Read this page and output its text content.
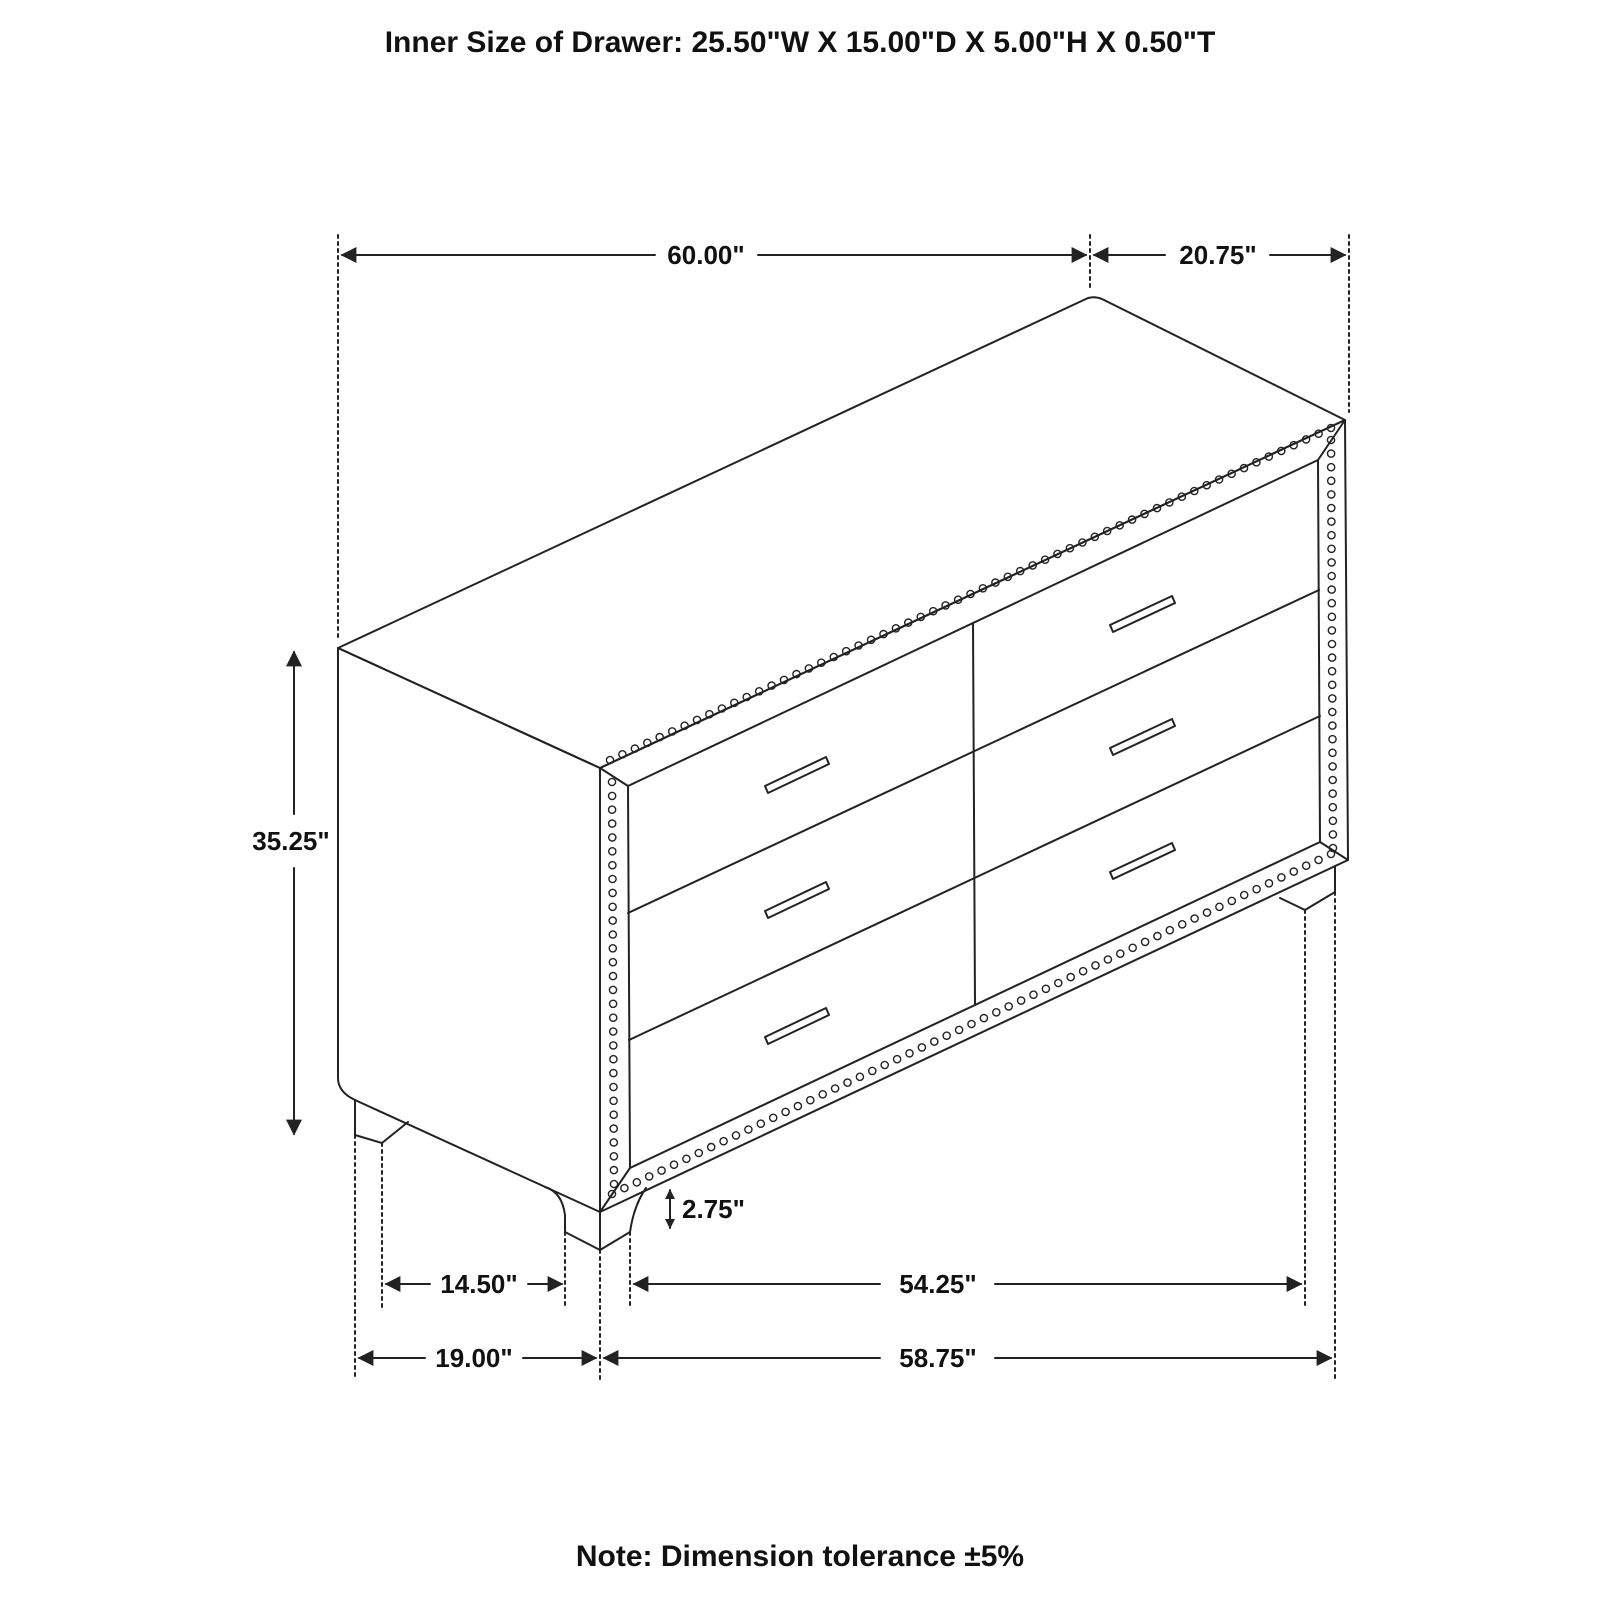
Inner Size of Drawer: 25.50"W X 15.00"D X 5.00"H X 0.50"T
60.00"	20.75"
35.25"
2.75"
14.50"	54.25"
19.00"	58.75"
Note: Dimension tolerance ±5%
